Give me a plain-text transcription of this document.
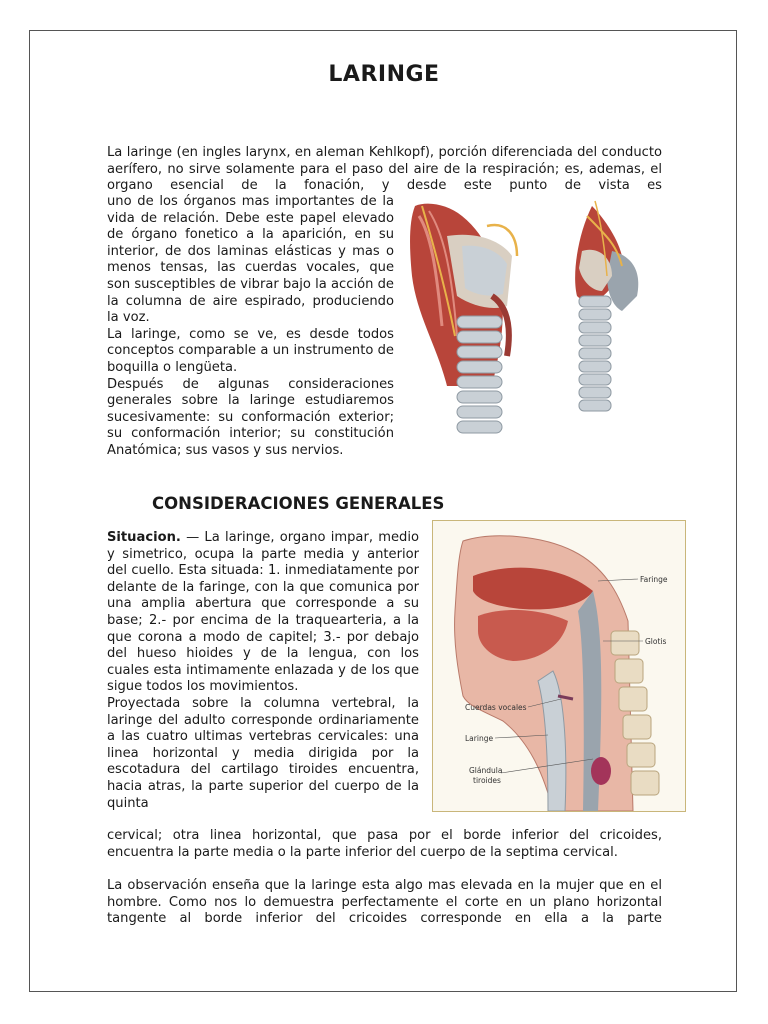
LARINGE

La laringe (en ingles larynx, en aleman Kehlkopf), porción diferenciada del conducto aerífero, no sirve solamente para el paso del aire de la respiración; es, ademas, el organo esencial de la fonación, y desde este punto de vista es

uno de los órganos mas importantes de la vida de relación. Debe este papel elevado de órgano fonetico a la aparición, en su interior, de dos laminas elásticas y mas o menos tensas, las cuerdas vocales, que son susceptibles de vibrar bajo la acción de la columna de aire espirado, produciendo la voz.

La laringe, como se ve, es desde todos conceptos comparable a un instrumento de boquilla o lengüeta.

Después de algunas consideraciones generales sobre la laringe estudiaremos sucesivamente: su conformación exterior; su conformación interior; su constitución Anatómica; sus vasos y sus nervios.

CONSIDERACIONES GENERALES

Situacion. — La laringe, organo impar, medio y simetrico, ocupa la parte media y anterior del cuello. Esta situada: 1. inmediatamente por delante de la faringe, con la que comunica por una amplia abertura que corresponde a su base; 2.- por encima de la traquearteria, a la que corona a modo de capitel; 3.- por debajo del hueso hioides y de la lengua, con los cuales esta intimamente enlazada y de los que sigue todos los movimientos.

Proyectada sobre la columna vertebral, la laringe del adulto corresponde ordinariamente a las cuatro ultimas vertebras cervicales: una linea horizontal y media dirigida por la escotadura del cartilago tiroides encuentra, hacia atras, la parte superior del cuerpo de la quinta

Faringe
Glotis
Cuerdas vocales
Laringe
Glándula
tiroides

cervical; otra linea horizontal, que pasa por el borde inferior del cricoides, encuentra la parte media o la parte inferior del cuerpo de la septima cervical.

La observación enseña que la laringe esta algo mas elevada en la mujer que en el hombre. Como nos lo demuestra perfectamente el corte en un plano horizontal tangente al borde inferior del cricoides corresponde en ella a la parte
